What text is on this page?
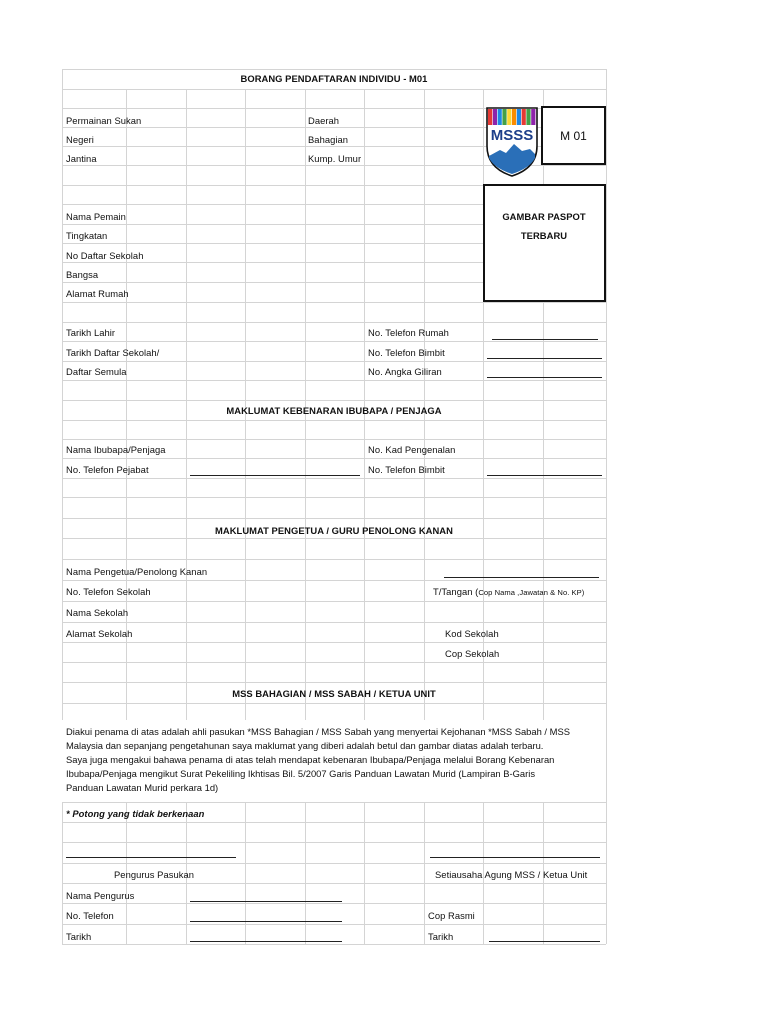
BORANG PENDAFTARAN INDIVIDU - M01
MSSS	M 01
GAMBAR PASPOT
TERBARU
Permainan Sukan
Negeri
Jantina
Daerah
Bahagian
Kump. Umur
Nama Pemain
Tingkatan
No Daftar Sekolah
Bangsa
Alamat Rumah
Tarikh Lahir
Tarikh Daftar Sekolah/
Daftar Semula
No. Telefon Rumah
No. Telefon Bimbit
No. Angka Giliran
MAKLUMAT KEBENARAN IBUBAPA / PENJAGA
Nama Ibubapa/Penjaga
No. Telefon Pejabat
No. Kad Pengenalan
No. Telefon Bimbit
MAKLUMAT PENGETUA / GURU PENOLONG KANAN
Nama Pengetua/Penolong Kanan
No. Telefon Sekolah
Nama Sekolah
Alamat Sekolah
T/Tangan (Cop Nama ,Jawatan & No. KP)
Kod Sekolah
Cop Sekolah
MSS BAHAGIAN / MSS SABAH / KETUA UNIT
Diakui penama di atas adalah ahli pasukan *MSS Bahagian / MSS Sabah yang menyertai Kejohanan *MSS Sabah / MSS
Malaysia dan sepanjang pengetahunan saya maklumat yang diberi adalah betul dan gambar diatas adalah terbaru.
Saya juga mengakui bahawa penama di atas telah mendapat kebenaran Ibubapa/Penjaga melalui Borang Kebenaran
Ibubapa/Penjaga mengikut Surat Pekeliling Ikhtisas Bil. 5/2007 Garis Panduan Lawatan Murid (Lampiran B-Garis
Panduan Lawatan Murid perkara 1d)
* Potong yang tidak berkenaan
Pengurus Pasukan	Setiausaha Agung MSS / Ketua Unit
Nama Pengurus
No. Telefon
Tarikh
Cop Rasmi
Tarikh
